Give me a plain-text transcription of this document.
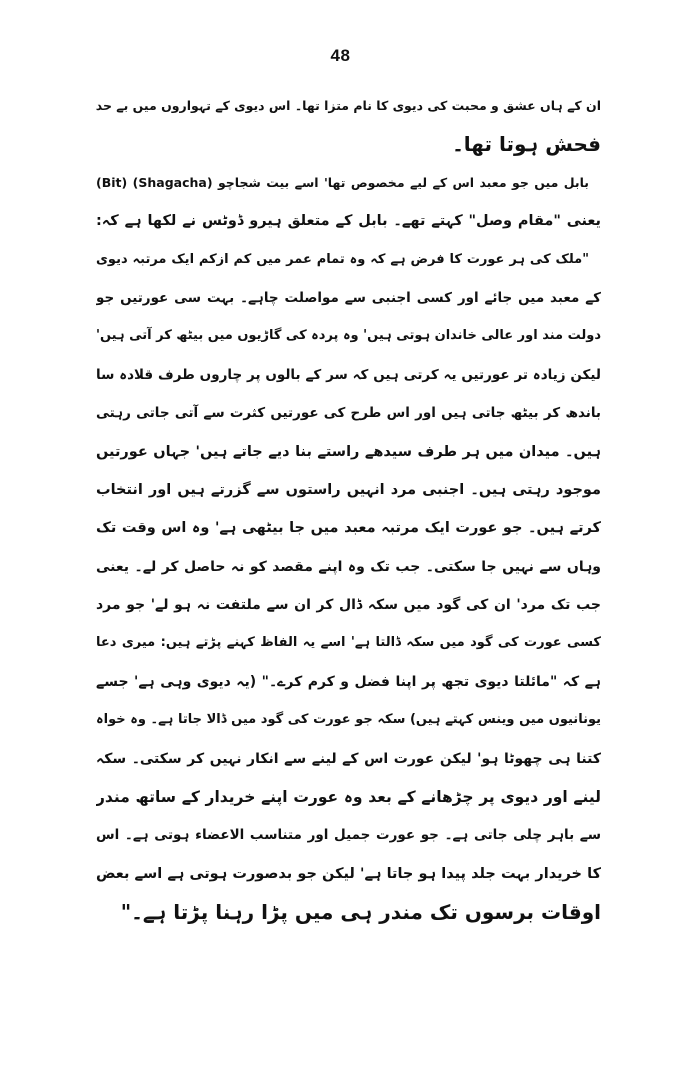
48
ان کے ہاں عشق و محبت کی دیوی کا نام متزا تھا۔ اس دیوی کے تہواروں میں بے حد
فحش ہوتا تھا۔
بابل میں جو معبد اس کے لیے مخصوص تھا' اسے بیت شجاچو (Shagacha) (Bit)
یعنی "مقام وصل" کہتے تھے۔ بابل کے متعلق ہیرو ڈوٹس نے لکھا ہے کہ:
"ملک کی ہر عورت کا فرض ہے کہ وہ تمام عمر میں کم ازکم ایک مرتبہ دیوی
کے معبد میں جائے اور کسی اجنبی سے مواصلت چاہے۔ بہت سی عورتیں جو
دولت مند اور عالی خاندان ہوتی ہیں' وہ پردہ کی گاڑیوں میں بیٹھ کر آتی ہیں'
لیکن زیادہ تر عورتیں یہ کرتی ہیں کہ سر کے بالوں پر چاروں طرف قلادہ سا
باندھ کر بیٹھ جاتی ہیں اور اس طرح کی عورتیں کثرت سے آتی جاتی رہتی
ہیں۔ میدان میں ہر طرف سیدھے راستے بنا دیے جاتے ہیں' جہاں عورتیں
موجود رہتی ہیں۔ اجنبی مرد انہیں راستوں سے گزرتے ہیں اور انتخاب
کرتے ہیں۔ جو عورت ایک مرتبہ معبد میں جا بیٹھی ہے' وہ اس وقت تک
وہاں سے نہیں جا سکتی۔ جب تک وہ اپنے مقصد کو نہ حاصل کر لے۔ یعنی
جب تک مرد' ان کی گود میں سکہ ڈال کر ان سے ملتفت نہ ہو لے' جو مرد
کسی عورت کی گود میں سکہ ڈالتا ہے' اسے یہ الفاظ کہنے پڑتے ہیں: میری دعا
ہے کہ "مائلتا دیوی تجھ پر اپنا فضل و کرم کرے۔" (یہ دیوی وہی ہے' جسے
یونانیوں میں وینس کہتے ہیں) سکہ جو عورت کی گود میں ڈالا جاتا ہے۔ وہ خواہ
کتنا ہی چھوٹا ہو' لیکن عورت اس کے لینے سے انکار نہیں کر سکتی۔ سکہ
لینے اور دیوی پر چڑھانے کے بعد وہ عورت اپنے خریدار کے ساتھ مندر
سے باہر چلی جاتی ہے۔ جو عورت جمیل اور متناسب الاعضاء ہوتی ہے۔ اس
کا خریدار بہت جلد پیدا ہو جاتا ہے' لیکن جو بدصورت ہوتی ہے اسے بعض
اوقات برسوں تک مندر ہی میں پڑا رہنا پڑتا ہے۔"
